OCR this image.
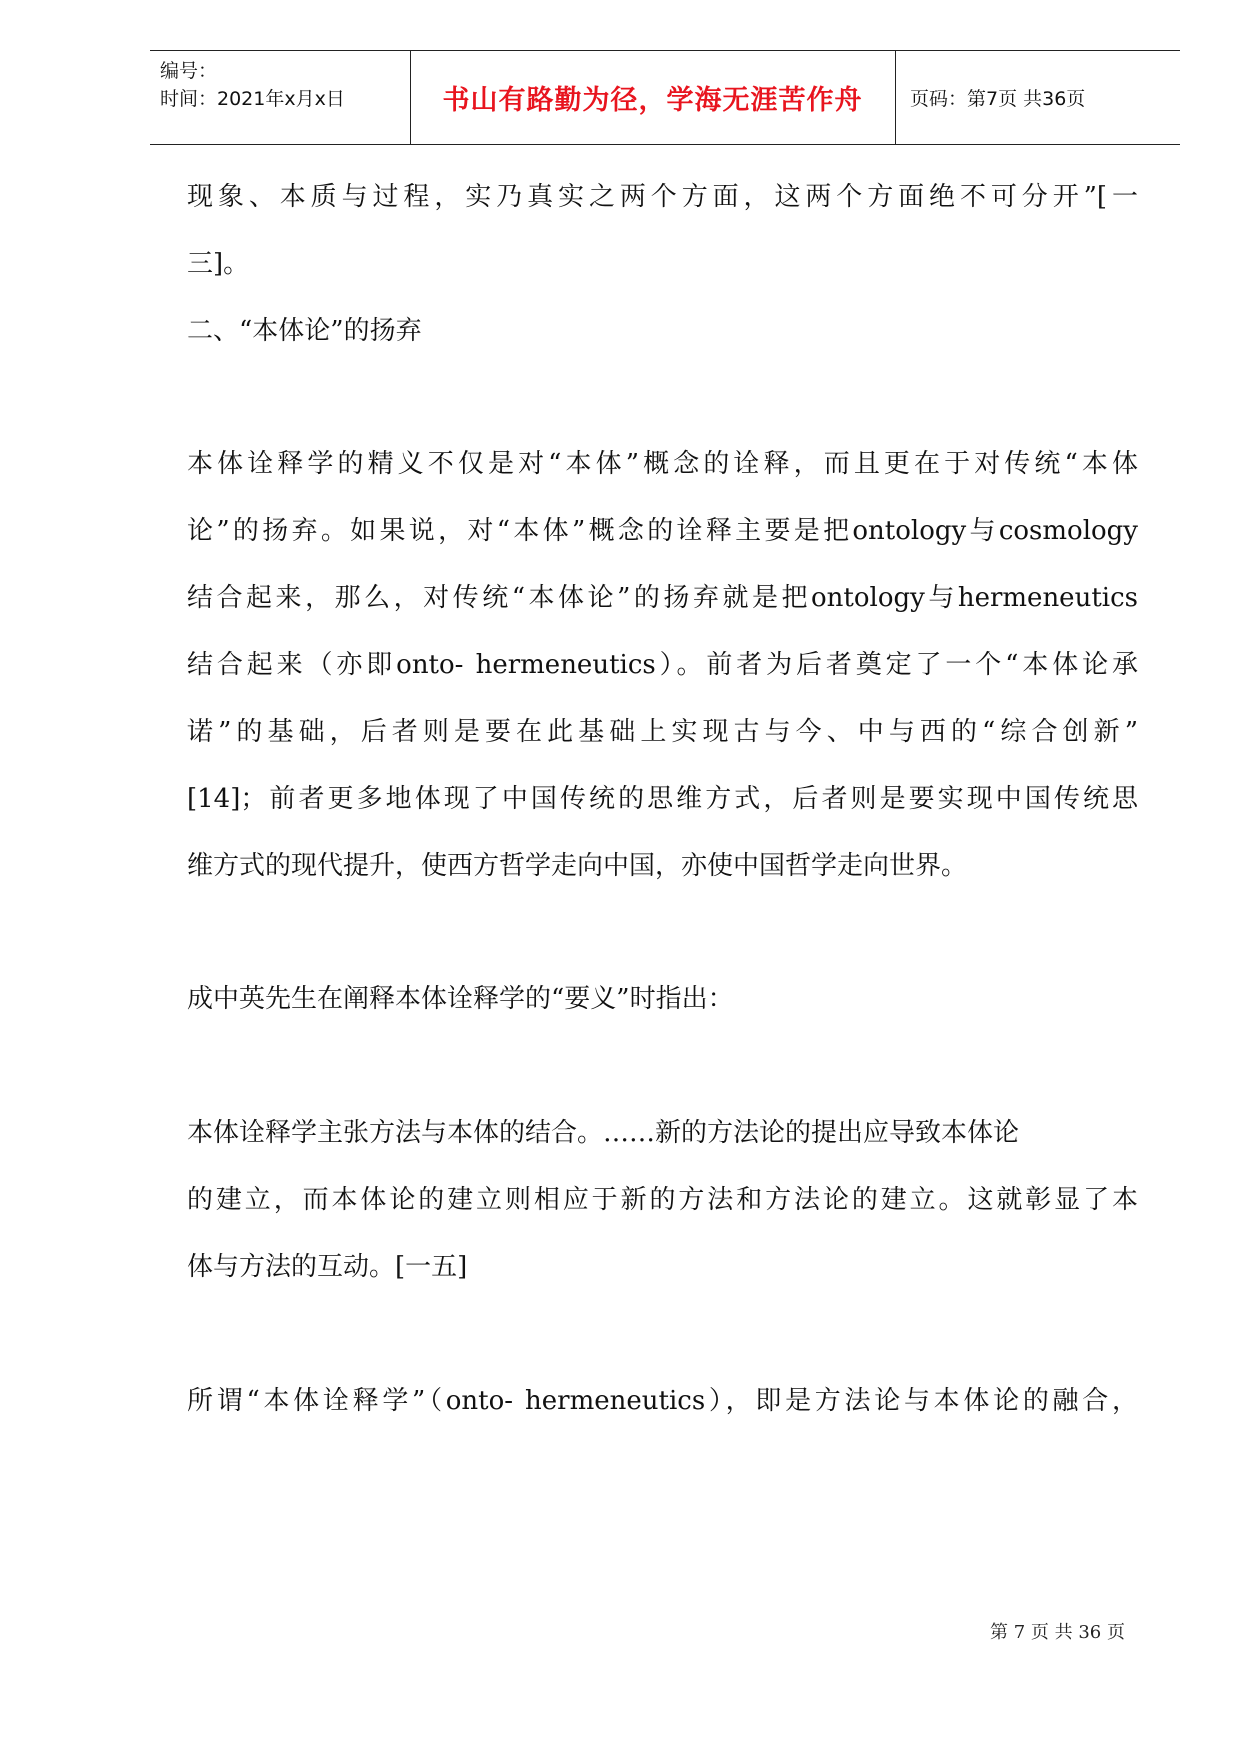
编号：
时间：2021年x月x日	书山有路勤为径，学海无涯苦作舟	页码：第7页 共36页
现象、本质与过程，实乃真实之两个方面，这两个方面绝不可分开”[一
三]。
二、“本体论”的扬弃
本体诠释学的精义不仅是对“本体”概念的诠释，而且更在于对传统“本体
论”的扬弃。如果说，对“本体”概念的诠释主要是把ontology与cosmology
结合起来，那么，对传统“本体论”的扬弃就是把ontology与hermeneutics
结合起来（亦即onto- hermeneutics）。前者为后者奠定了一个“本体论承
诺”的基础，后者则是要在此基础上实现古与今、中与西的“综合创新”
[14]；前者更多地体现了中国传统的思维方式，后者则是要实现中国传统思
维方式的现代提升，使西方哲学走向中国，亦使中国哲学走向世界。
成中英先生在阐释本体诠释学的“要义”时指出：
本体诠释学主张方法与本体的结合。……新的方法论的提出应导致本体论
的建立，而本体论的建立则相应于新的方法和方法论的建立。这就彰显了本
体与方法的互动。[一五]
所谓“本体诠释学”（onto- hermeneutics），即是方法论与本体论的融合，
第 7 页 共 36 页
